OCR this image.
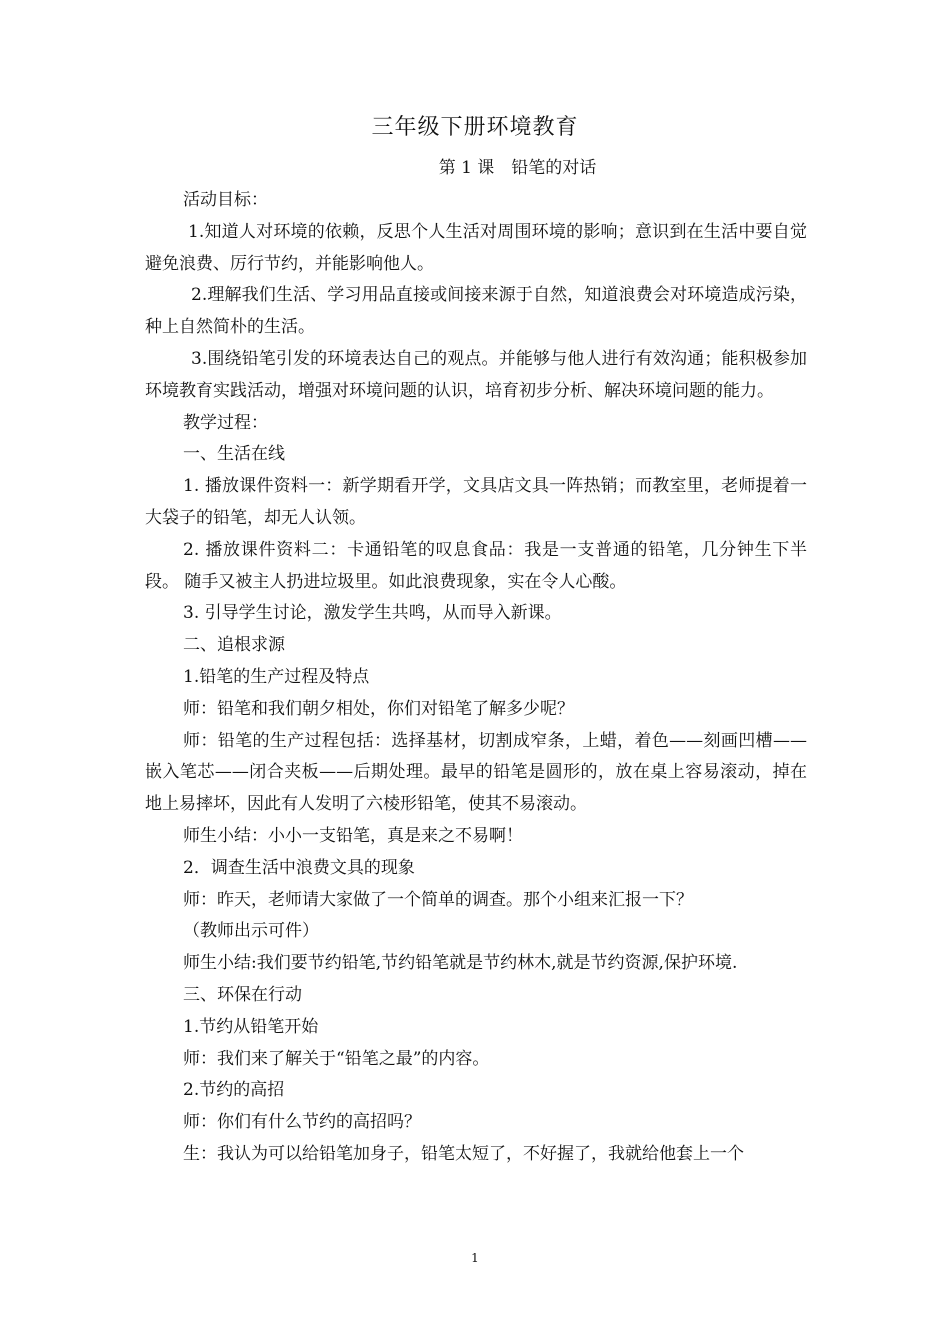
三年级下册环境教育
第 1 课　铅笔的对话

活动目标：

1.知道人对环境的依赖，反思个人生活对周围环境的影响；意识到在生活中要自觉避免浪费、厉行节约，并能影响他人。

2.理解我们生活、学习用品直接或间接来源于自然，知道浪费会对环境造成污染，种上自然简朴的生活。

3.围绕铅笔引发的环境表达自己的观点。并能够与他人进行有效沟通；能积极参加环境教育实践活动，增强对环境问题的认识，培育初步分析、解决环境问题的能力。

教学过程：

一、生活在线

1. 播放课件资料一：新学期看开学，文具店文具一阵热销；而教室里，老师提着一大袋子的铅笔，却无人认领。

2. 播放课件资料二：卡通铅笔的叹息食品：我是一支普通的铅笔，几分钟生下半段。 随手又被主人扔进垃圾里。如此浪费现象，实在令人心酸。

3. 引导学生讨论，激发学生共鸣，从而导入新课。

二、追根求源

1.铅笔的生产过程及特点

师：铅笔和我们朝夕相处，你们对铅笔了解多少呢？

师：铅笔的生产过程包括：选择基材，切割成窄条，上蜡，着色——刻画凹槽——嵌入笔芯——闭合夹板——后期处理。最早的铅笔是圆形的，放在桌上容易滚动，掉在地上易摔坏，因此有人发明了六棱形铅笔，使其不易滚动。

师生小结：小小一支铅笔，真是来之不易啊！

2．调查生活中浪费文具的现象

师：昨天，老师请大家做了一个简单的调查。那个小组来汇报一下？

（教师出示可件）

师生小结:我们要节约铅笔,节约铅笔就是节约林木,就是节约资源,保护环境.

三、环保在行动

1.节约从铅笔开始

师：我们来了解关于“铅笔之最”的内容。

2.节约的高招

师：你们有什么节约的高招吗？

生：我认为可以给铅笔加身子，铅笔太短了，不好握了，我就给他套上一个

1
